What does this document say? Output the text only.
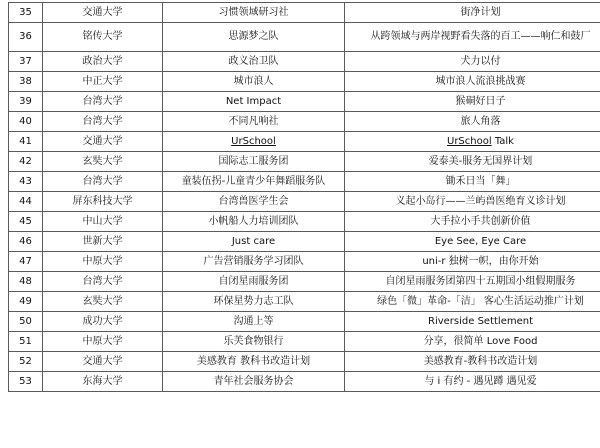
35	交通大学	习惯领域研习社	街净计划
36	铭传大学	思源梦之队	从跨领域与两岸视野看失落的百工——响仁和鼓厂
37	政治大学	政义治卫队	犬力以付
38	中正大学	城市浪人	城市浪人流浪挑战赛
39	台湾大学	Net Impact	猴硐好日子
40	台湾大学	不同凡响社	旅人角落
41	交通大学	UrSchool	UrSchool Talk
42	玄奘大学	国际志工服务团	爱泰美-服务无国界计划
43	台湾大学	童装伍拐-儿童青少年舞蹈服务队	锄禾日当「舞」
44	屏东科技大学	台湾兽医学生会	义起小岛行——兰屿兽医绝育义诊计划
45	中山大学	小帆船人力培训团队	大手拉小手共创新价值
46	世新大学	Just care	Eye See, Eye Care
47	中原大学	广告营销服务学习团队	uni-r 独树一帜，由你开始
48	台湾大学	自闭星雨服务团	自闭星雨服务团第四十五期国小组假期服务
49	玄奘大学	环保星势力志工队	绿色「微」革命-「洁」 客心生活运动推广计划
50	成功大学	沟通上等	Riverside Settlement
51	中原大学	乐芙食物银行	分享，很简单 Love Food
52	交通大学	美感教育 教科书改造计划	美感教育-教科书改造计划
53	东海大学	青年社会服务协会	与 i 有约 - 遇见蹲 遇见爱
